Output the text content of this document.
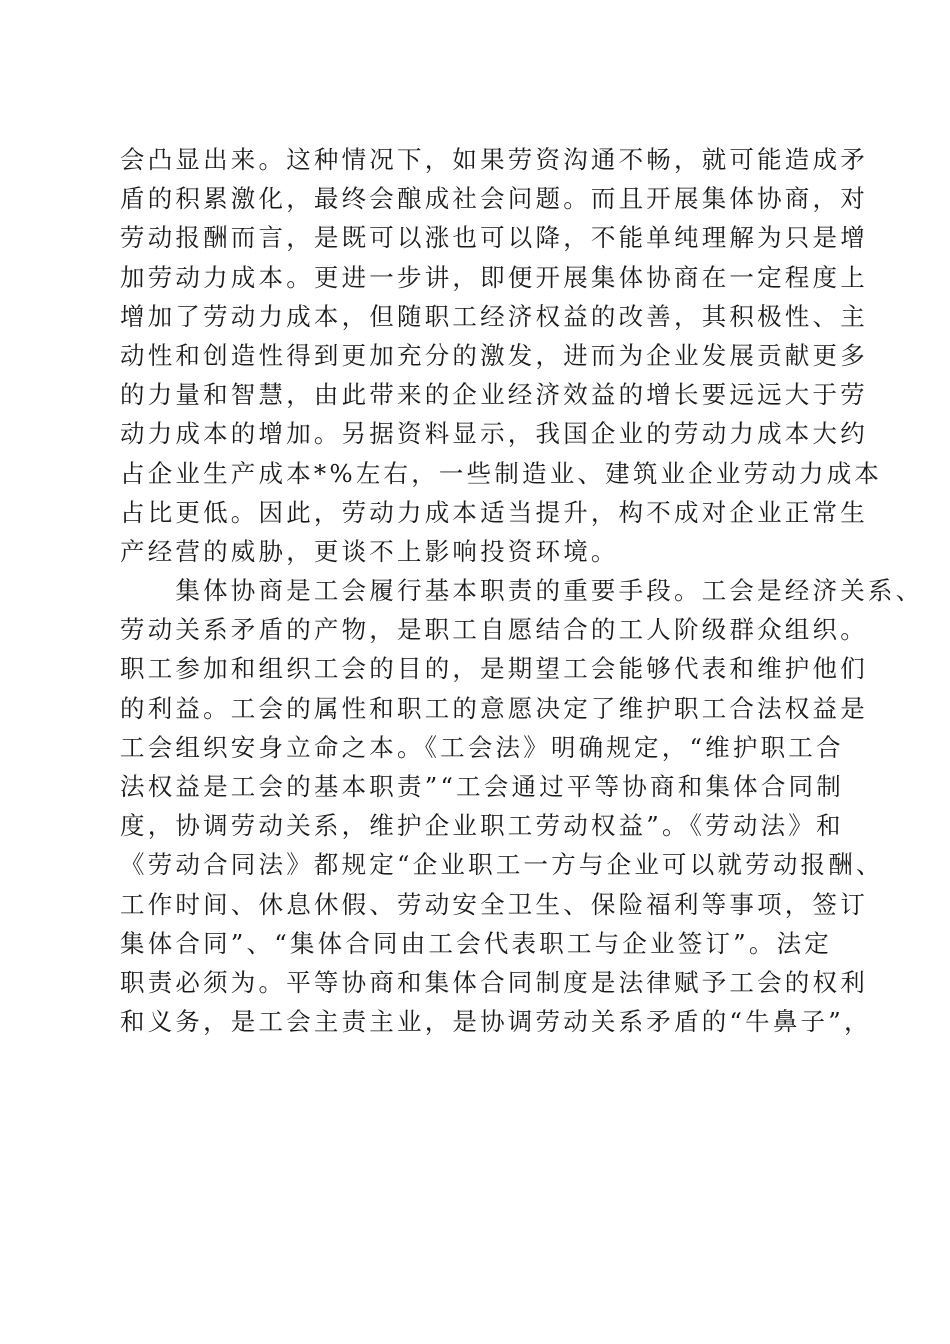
会凸显出来。这种情况下，如果劳资沟通不畅，就可能造成矛
盾的积累激化，最终会酿成社会问题。而且开展集体协商，对
劳动报酬而言，是既可以涨也可以降，不能单纯理解为只是增
加劳动力成本。更进一步讲，即便开展集体协商在一定程度上
增加了劳动力成本，但随职工经济权益的改善，其积极性、主
动性和创造性得到更加充分的激发，进而为企业发展贡献更多
的力量和智慧，由此带来的企业经济效益的增长要远远大于劳
动力成本的增加。另据资料显示，我国企业的劳动力成本大约
占企业生产成本*%左右，一些制造业、建筑业企业劳动力成本
占比更低。因此，劳动力成本适当提升，构不成对企业正常生
产经营的威胁，更谈不上影响投资环境。
　　集体协商是工会履行基本职责的重要手段。工会是经济关系、
劳动关系矛盾的产物，是职工自愿结合的工人阶级群众组织。
职工参加和组织工会的目的，是期望工会能够代表和维护他们
的利益。工会的属性和职工的意愿决定了维护职工合法权益是
工会组织安身立命之本。《工会法》明确规定，“维护职工合
法权益是工会的基本职责”“工会通过平等协商和集体合同制
度，协调劳动关系，维护企业职工劳动权益”。《劳动法》和
《劳动合同法》都规定“企业职工一方与企业可以就劳动报酬、
工作时间、休息休假、劳动安全卫生、保险福利等事项，签订
集体合同”、“集体合同由工会代表职工与企业签订”。法定
职责必须为。平等协商和集体合同制度是法律赋予工会的权利
和义务，是工会主责主业，是协调劳动关系矛盾的“牛鼻子”，
